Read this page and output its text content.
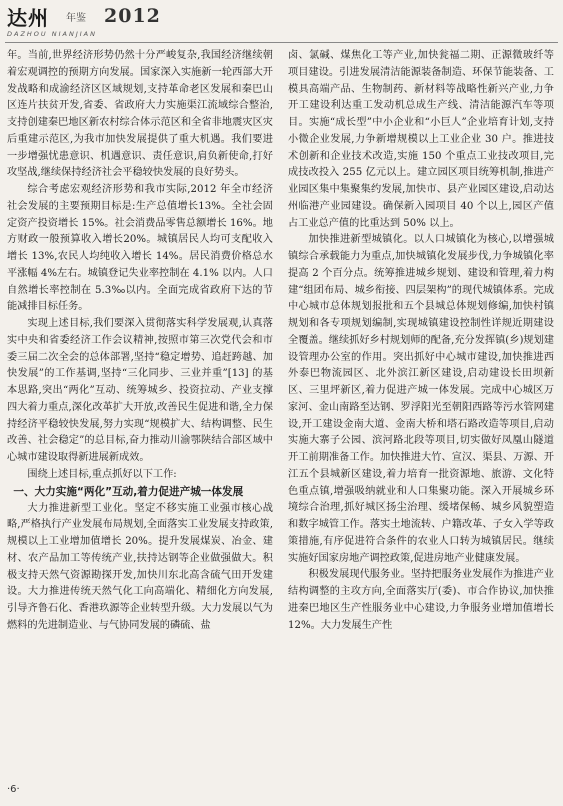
达州 年鉴 2012
DAZHOU NIANJIAN

年。当前,世界经济形势仍然十分严峻复杂,我国经济继续朝着宏观调控的预期方向发展。国家深入实施新一轮西部大开发战略和成渝经济区区域规划,支持革命老区发展和秦巴山区连片扶贫开发,省委、省政府大力实施渠江流域综合整治,支持创建秦巴地区新农村综合体示范区和全省非地震灾区灾后重建示范区,为我市加快发展提供了重大机遇。我们要进一步增强忧患意识、机遇意识、责任意识,肩负新使命,打好攻坚战,继续保持经济社会平稳较快发展的良好势头。

综合考虑宏观经济形势和我市实际,2012 年全市经济社会发展的主要预期目标是:生产总值增长13%。全社会固定资产投资增长 15%。社会消费品零售总额增长 16%。地方财政一般预算收入增长20%。城镇居民人均可支配收入增长 13%,农民人均纯收入增长 14%。居民消费价格总水平涨幅 4%左右。城镇登记失业率控制在 4.1% 以内。人口自然增长率控制在 5.3‰以内。全面完成省政府下达的节能减排目标任务。

实现上述目标,我们要深入贯彻落实科学发展观,认真落实中央和省委经济工作会议精神,按照市第三次党代会和市委三届二次全会的总体部署,坚持“稳定增势、追赶跨越、加快发展”的工作基调,坚持“三化同步、三业并重”[13] 的基本思路,突出“两化”互动、统筹城乡、投资拉动、产业支撑四大着力重点,深化改革扩大开放,改善民生促进和谐,全力保持经济平稳较快发展,努力实现“规模扩大、结构调整、民生改善、社会稳定”的总目标,奋力推动川渝鄂陕结合部区域中心城市建设取得新进展新成效。

围绕上述目标,重点抓好以下工作:

一、大力实施“两化”互动,着力促进产城一体发展

大力推进新型工业化。坚定不移实施工业强市核心战略,严格执行产业发展布局规划,全面落实工业发展支持政策,规模以上工业增加值增长 20%。提升发展煤炭、冶金、建材、农产品加工等传统产业,扶持达钢等企业做强做大。积极支持天然气资源勘探开发,加快川东北高含硫气田开发建设。大力推进传统天然气化工向高端化、精细化方向发展,引导齐鲁石化、香港玖源等企业转型升级。大力发展以气为燃料的先进制造业、与气协同发展的磷硫、盐

卤、氯碱、煤焦化工等产业,加快瓮福二期、正源微玻纤等项目建设。引进发展清洁能源装备制造、环保节能装备、工模具高端产品、生物制药、新材料等战略性新兴产业,力争开工建设利达重工发动机总成生产线、清洁能源汽车等项目。实施“成长型”中小企业和“小巨人”企业培育计划,支持小微企业发展,力争新增规模以上工业企业 30 户。推进技术创新和企业技术改造,实施 150 个重点工业技改项目,完成技改投入 255 亿元以上。建立园区项目统筹机制,推进产业园区集中集聚集约发展,加快市、县产业园区建设,启动达州临港产业园建设。确保新入园项目 40 个以上,园区产值占工业总产值的比重达到 50% 以上。

加快推进新型城镇化。以人口城镇化为核心,以增强城镇综合承载能力为重点,加快城镇化发展步伐,力争城镇化率提高 2 个百分点。统筹推进城乡规划、建设和管理,着力构建“组团布局、城乡衔接、四层架构”的现代城镇体系。完成中心城市总体规划报批和五个县城总体规划修编,加快村镇规划和各专项规划编制,实现城镇建设控制性详规近期建设全覆盖。继续抓好乡村规划师的配备,充分发挥镇(乡)规划建设管理办公室的作用。突出抓好中心城市建设,加快推进西外泰巴物流园区、北外滨江新区建设,启动建设长田坝新区、三里坪新区,着力促进产城一体发展。完成中心城区万家河、金山南路至达钢、罗浮阳光至朝阳西路等污水管网建设,开工建设金南大道、金南大桥和塔石路改造等项目,启动实施大寨子公园、滨河路北段等项目,切实做好凤凰山隧道开工前期准备工作。加快推进大竹、宣汉、渠县、万源、开江五个县城新区建设,着力培育一批资源地、旅游、文化特色重点镇,增强吸纳就业和人口集聚功能。深入开展城乡环境综合治理,抓好城区扬尘治理、缓堵保畅、城乡风貌塑造和数字城管工作。落实土地流转、户籍改革、子女入学等政策措施,有序促进符合条件的农业人口转为城镇居民。继续实施好国家房地产调控政策,促进房地产业健康发展。

积极发展现代服务业。坚持把服务业发展作为推进产业结构调整的主攻方向,全面落实厅(委)、市合作协议,加快推进秦巴地区生产性服务业中心建设,力争服务业增加值增长 12%。大力发展生产性

·6·
